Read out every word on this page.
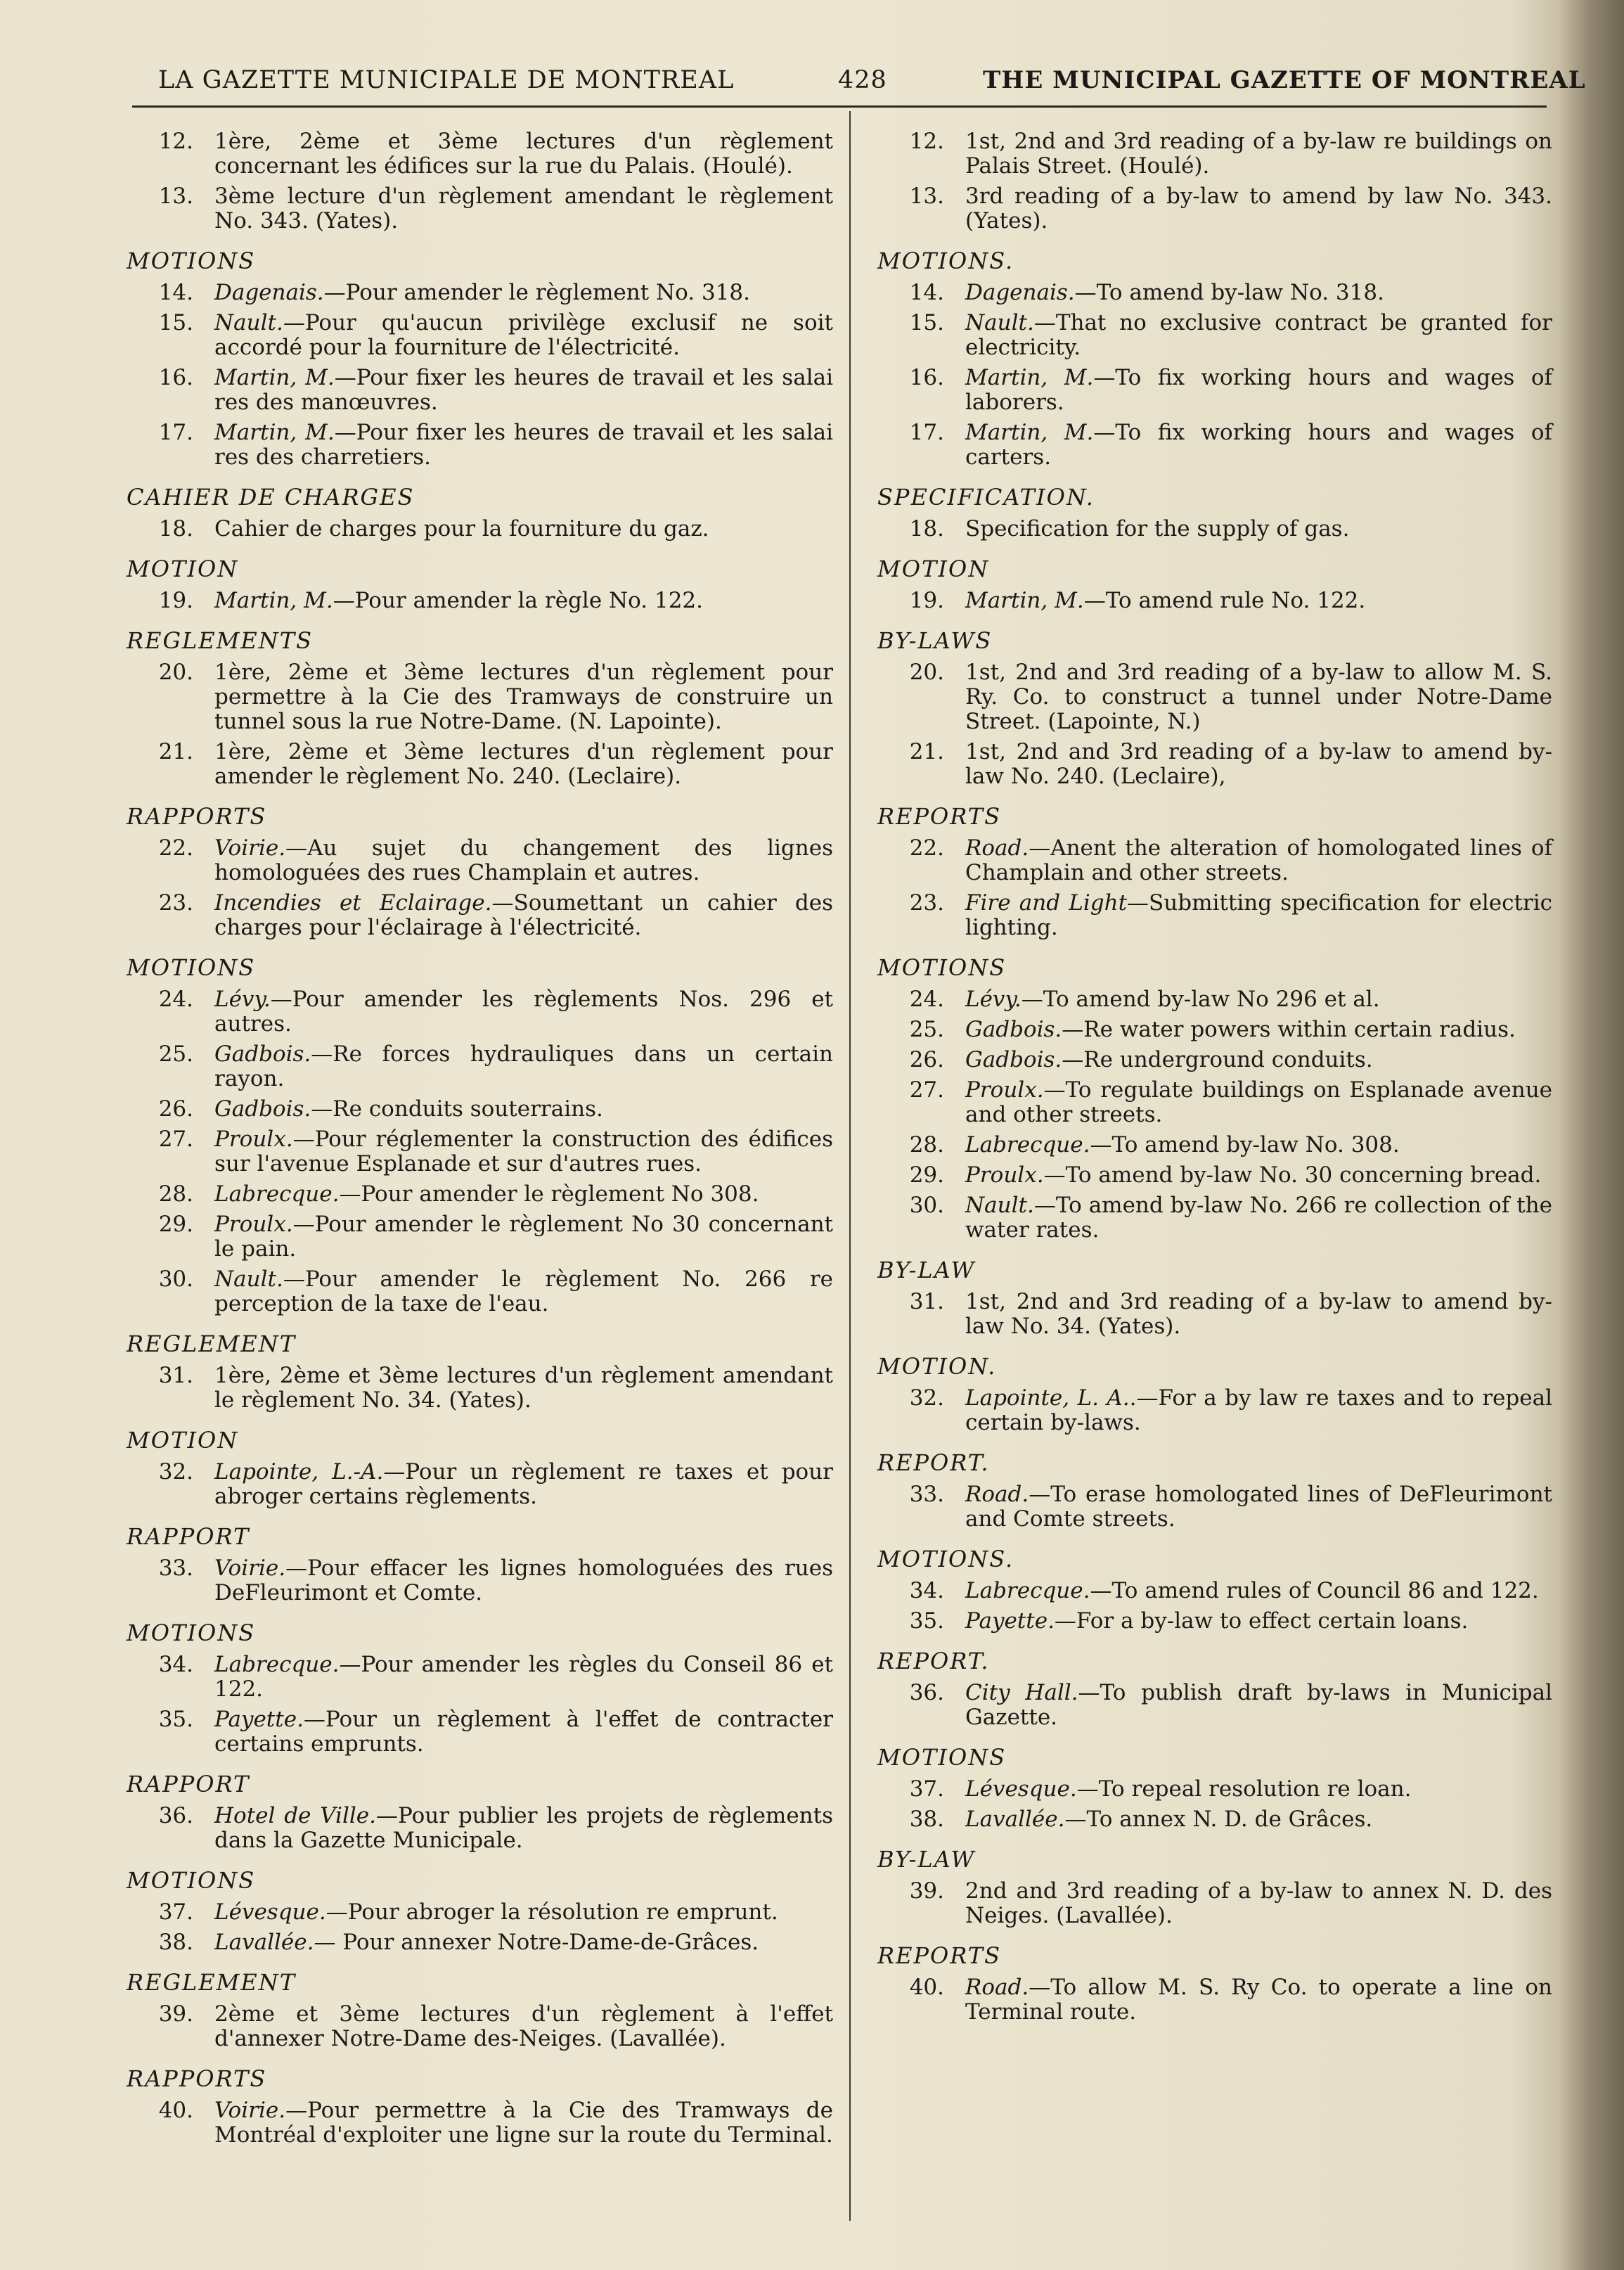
LA GAZETTE MUNICIPALE DE MONTREAL	428	THE MUNICIPAL GAZETTE OF MONTREAL
12. 1ère, 2ème et 3ème lectures d'un règlement concernant les édifices sur la rue du Palais. (Houlé).
13. 3ème lecture d'un règlement amendant le règlement No. 343. (Yates).
MOTIONS
14. Dagenais.—Pour amender le règlement No. 318.
15. Nault.—Pour qu'aucun privilège exclusif ne soit accordé pour la fourniture de l'électricité.
16. Martin, M.—Pour fixer les heures de travail et les salai res des manœuvres.
17. Martin, M.—Pour fixer les heures de travail et les salai res des charretiers.
CAHIER DE CHARGES
18. Cahier de charges pour la fourniture du gaz.
MOTION
19. Martin, M.—Pour amender la règle No. 122.
REGLEMENTS
20. 1ère, 2ème et 3ème lectures d'un règlement pour permettre à la Cie des Tramways de construire un tunnel sous la rue Notre-Dame. (N. Lapointe).
21. 1ère, 2ème et 3ème lectures d'un règlement pour amender le règlement No. 240. (Leclaire).
RAPPORTS
22. Voirie.—Au sujet du changement des lignes homologuées des rues Champlain et autres.
23. Incendies et Eclairage.—Soumettant un cahier des charges pour l'éclairage à l'électricité.
MOTIONS
24. Lévy.—Pour amender les règlements Nos. 296 et autres.
25. Gadbois.—Re forces hydrauliques dans un certain rayon.
26. Gadbois.—Re conduits souterrains.
27. Proulx.—Pour réglementer la construction des édifices sur l'avenue Esplanade et sur d'autres rues.
28. Labrecque.—Pour amender le règlement No 308.
29. Proulx.—Pour amender le règlement No 30 concernant le pain.
30. Nault.—Pour amender le règlement No. 266 re perception de la taxe de l'eau.
REGLEMENT
31. 1ère, 2ème et 3ème lectures d'un règlement amendant le règlement No. 34. (Yates).
MOTION
32. Lapointe, L.-A.—Pour un règlement re taxes et pour abroger certains règlements.
RAPPORT
33. Voirie.—Pour effacer les lignes homologuées des rues DeFleurimont et Comte.
MOTIONS
34. Labrecque.—Pour amender les règles du Conseil 86 et 122.
35. Payette.—Pour un règlement à l'effet de contracter certains emprunts.
RAPPORT
36. Hotel de Ville.—Pour publier les projets de règlements dans la Gazette Municipale.
MOTIONS
37. Lévesque.—Pour abroger la résolution re emprunt.
38. Lavallée.— Pour annexer Notre-Dame-de-Grâces.
REGLEMENT
39. 2ème et 3ème lectures d'un règlement à l'effet d'annexer Notre-Dame des-Neiges. (Lavallée).
RAPPORTS
40. Voirie.—Pour permettre à la Cie des Tramways de Montréal d'exploiter une ligne sur la route du Terminal.
12. 1st, 2nd and 3rd reading of a by-law re buildings on Palais Street. (Houlé).
13. 3rd reading of a by-law to amend by law No. 343. (Yates).
MOTIONS.
14. Dagenais.—To amend by-law No. 318.
15. Nault.—That no exclusive contract be granted for electricity.
16. Martin, M.—To fix working hours and wages of laborers.
17. Martin, M.—To fix working hours and wages of carters.
SPECIFICATION.
18. Specification for the supply of gas.
MOTION
19. Martin, M.—To amend rule No. 122.
BY-LAWS
20. 1st, 2nd and 3rd reading of a by-law to allow M. S. Ry. Co. to construct a tunnel under Notre-Dame Street. (Lapointe, N.)
21. 1st, 2nd and 3rd reading of a by-law to amend by-law No. 240. (Leclaire),
REPORTS
22. Road.—Anent the alteration of homologated lines of Champlain and other streets.
23. Fire and Light—Submitting specification for electric lighting.
MOTIONS
24. Lévy.—To amend by-law No 296 et al.
25. Gadbois.—Re water powers within certain radius.
26. Gadbois.—Re underground conduits.
27. Proulx.—To regulate buildings on Esplanade avenue and other streets.
28. Labrecque.—To amend by-law No. 308.
29. Proulx.—To amend by-law No. 30 concerning bread.
30. Nault.—To amend by-law No. 266 re collection of the water rates.
BY-LAW
31. 1st, 2nd and 3rd reading of a by-law to amend by-law No. 34. (Yates).
MOTION.
32. Lapointe, L. A..—For a by law re taxes and to repeal certain by-laws.
REPORT.
33. Road.—To erase homologated lines of DeFleurimont and Comte streets.
MOTIONS.
34. Labrecque.—To amend rules of Council 86 and 122.
35. Payette.—For a by-law to effect certain loans.
REPORT.
36. City Hall.—To publish draft by-laws in Municipal Gazette.
MOTIONS
37. Lévesque.—To repeal resolution re loan.
38. Lavallée.—To annex N. D. de Grâces.
BY-LAW
39. 2nd and 3rd reading of a by-law to annex N. D. des Neiges. (Lavallée).
REPORTS
40. Road.—To allow M. S. Ry Co. to operate a line on Terminal route.
